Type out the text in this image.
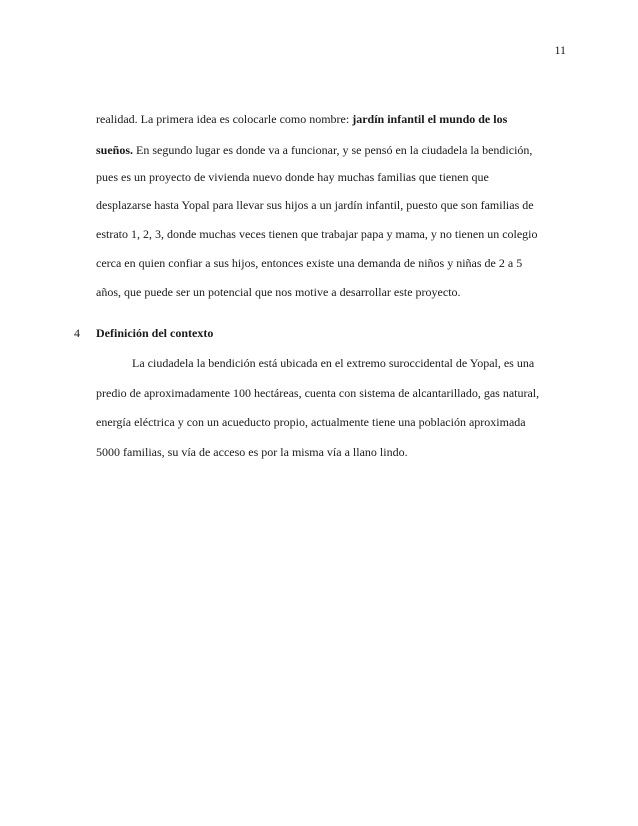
11
realidad. La primera idea es colocarle como nombre: jardín infantil el mundo de los
sueños. En segundo lugar es donde va a funcionar, y se pensó en la ciudadela la bendición,
pues es un proyecto de vivienda nuevo donde hay muchas familias que tienen que
desplazarse hasta Yopal para llevar sus hijos a un jardín infantil, puesto que son familias de
estrato 1, 2, 3, donde muchas veces tienen que trabajar papa y mama, y no tienen un colegio
cerca en quien confiar a sus hijos, entonces existe una demanda de niños y niñas de 2 a 5
años, que puede ser un potencial que nos motive a desarrollar este proyecto.
4 Definición del contexto
La ciudadela la bendición está ubicada en el extremo suroccidental de Yopal, es una
predio de aproximadamente 100 hectáreas, cuenta con sistema de alcantarillado, gas natural,
energía eléctrica y con un acueducto propio, actualmente tiene una población aproximada
5000 familias, su vía de acceso es por la misma vía a llano lindo.
